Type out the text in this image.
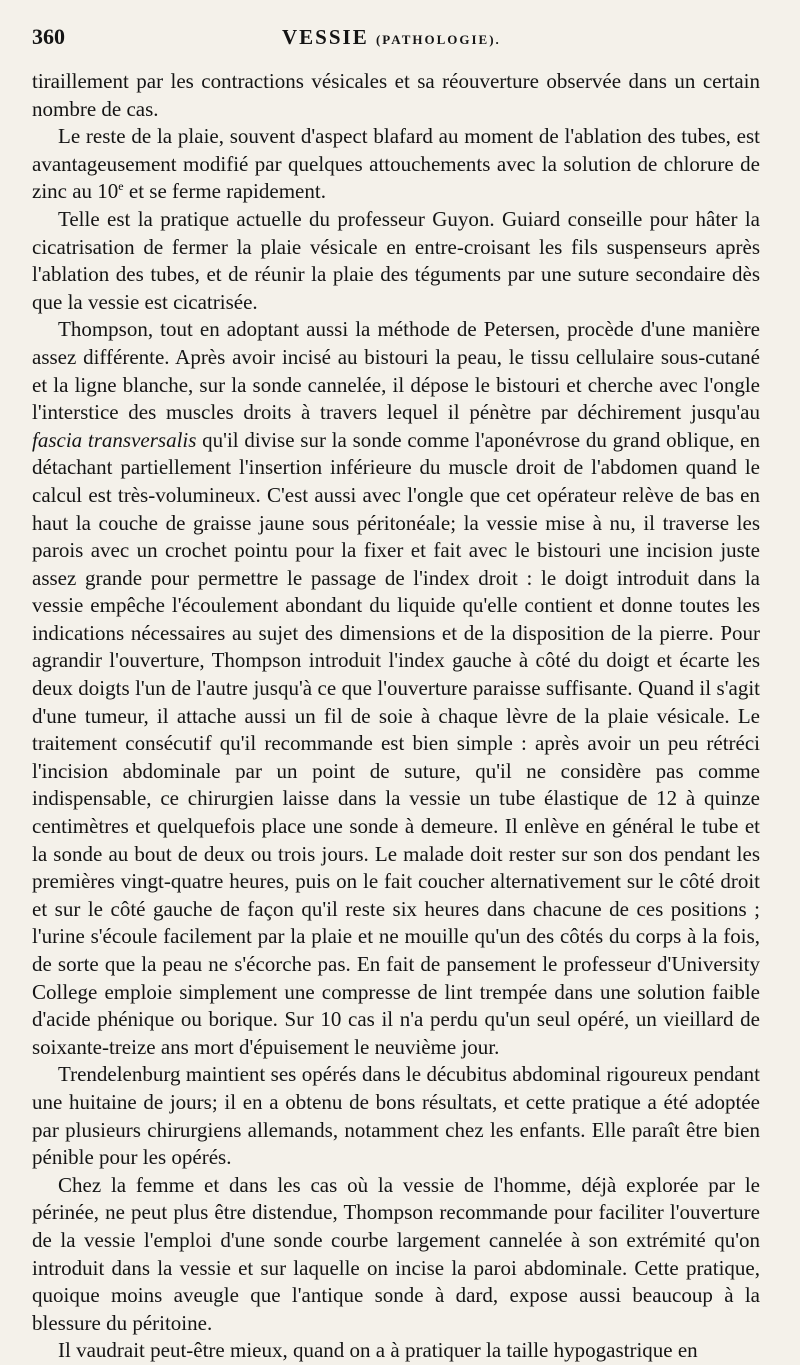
360	VESSIE (PATHOLOGIE).

tiraillement par les contractions vésicales et sa réouverture observée dans un certain nombre de cas.

Le reste de la plaie, souvent d'aspect blafard au moment de l'ablation des tubes, est avantageusement modifié par quelques attouchements avec la solution de chlorure de zinc au 10e et se ferme rapidement.

Telle est la pratique actuelle du professeur Guyon. Guiard conseille pour hâter la cicatrisation de fermer la plaie vésicale en entre-croisant les fils suspenseurs après l'ablation des tubes, et de réunir la plaie des téguments par une suture secondaire dès que la vessie est cicatrisée.

Thompson, tout en adoptant aussi la méthode de Petersen, procède d'une manière assez différente. Après avoir incisé au bistouri la peau, le tissu cellulaire sous-cutané et la ligne blanche, sur la sonde cannelée, il dépose le bistouri et cherche avec l'ongle l'interstice des muscles droits à travers lequel il pénètre par déchirement jusqu'au fascia transversalis qu'il divise sur la sonde comme l'aponévrose du grand oblique, en détachant partiellement l'insertion inférieure du muscle droit de l'abdomen quand le calcul est très-volumineux. C'est aussi avec l'ongle que cet opérateur relève de bas en haut la couche de graisse jaune sous péritonéale; la vessie mise à nu, il traverse les parois avec un crochet pointu pour la fixer et fait avec le bistouri une incision juste assez grande pour permettre le passage de l'index droit : le doigt introduit dans la vessie empêche l'écoulement abondant du liquide qu'elle contient et donne toutes les indications nécessaires au sujet des dimensions et de la disposition de la pierre. Pour agrandir l'ouverture, Thompson introduit l'index gauche à côté du doigt et écarte les deux doigts l'un de l'autre jusqu'à ce que l'ouverture paraisse suffisante. Quand il s'agit d'une tumeur, il attache aussi un fil de soie à chaque lèvre de la plaie vésicale. Le traitement consécutif qu'il recommande est bien simple : après avoir un peu rétréci l'incision abdominale par un point de suture, qu'il ne considère pas comme indispensable, ce chirurgien laisse dans la vessie un tube élastique de 12 à quinze centimètres et quelquefois place une sonde à demeure. Il enlève en général le tube et la sonde au bout de deux ou trois jours. Le malade doit rester sur son dos pendant les premières vingt-quatre heures, puis on le fait coucher alternativement sur le côté droit et sur le côté gauche de façon qu'il reste six heures dans chacune de ces positions ; l'urine s'écoule facilement par la plaie et ne mouille qu'un des côtés du corps à la fois, de sorte que la peau ne s'écorche pas. En fait de pansement le professeur d'University College emploie simplement une compresse de lint trempée dans une solution faible d'acide phénique ou borique. Sur 10 cas il n'a perdu qu'un seul opéré, un vieillard de soixante-treize ans mort d'épuisement le neuvième jour.

Trendelenburg maintient ses opérés dans le décubitus abdominal rigoureux pendant une huitaine de jours; il en a obtenu de bons résultats, et cette pratique a été adoptée par plusieurs chirurgiens allemands, notamment chez les enfants. Elle paraît être bien pénible pour les opérés.

Chez la femme et dans les cas où la vessie de l'homme, déjà explorée par le périnée, ne peut plus être distendue, Thompson recommande pour faciliter l'ouverture de la vessie l'emploi d'une sonde courbe largement cannelée à son extrémité qu'on introduit dans la vessie et sur laquelle on incise la paroi abdominale. Cette pratique, quoique moins aveugle que l'antique sonde à dard, expose aussi beaucoup à la blessure du péritoine.

Il vaudrait peut-être mieux, quand on a à pratiquer la taille hypogastrique en
